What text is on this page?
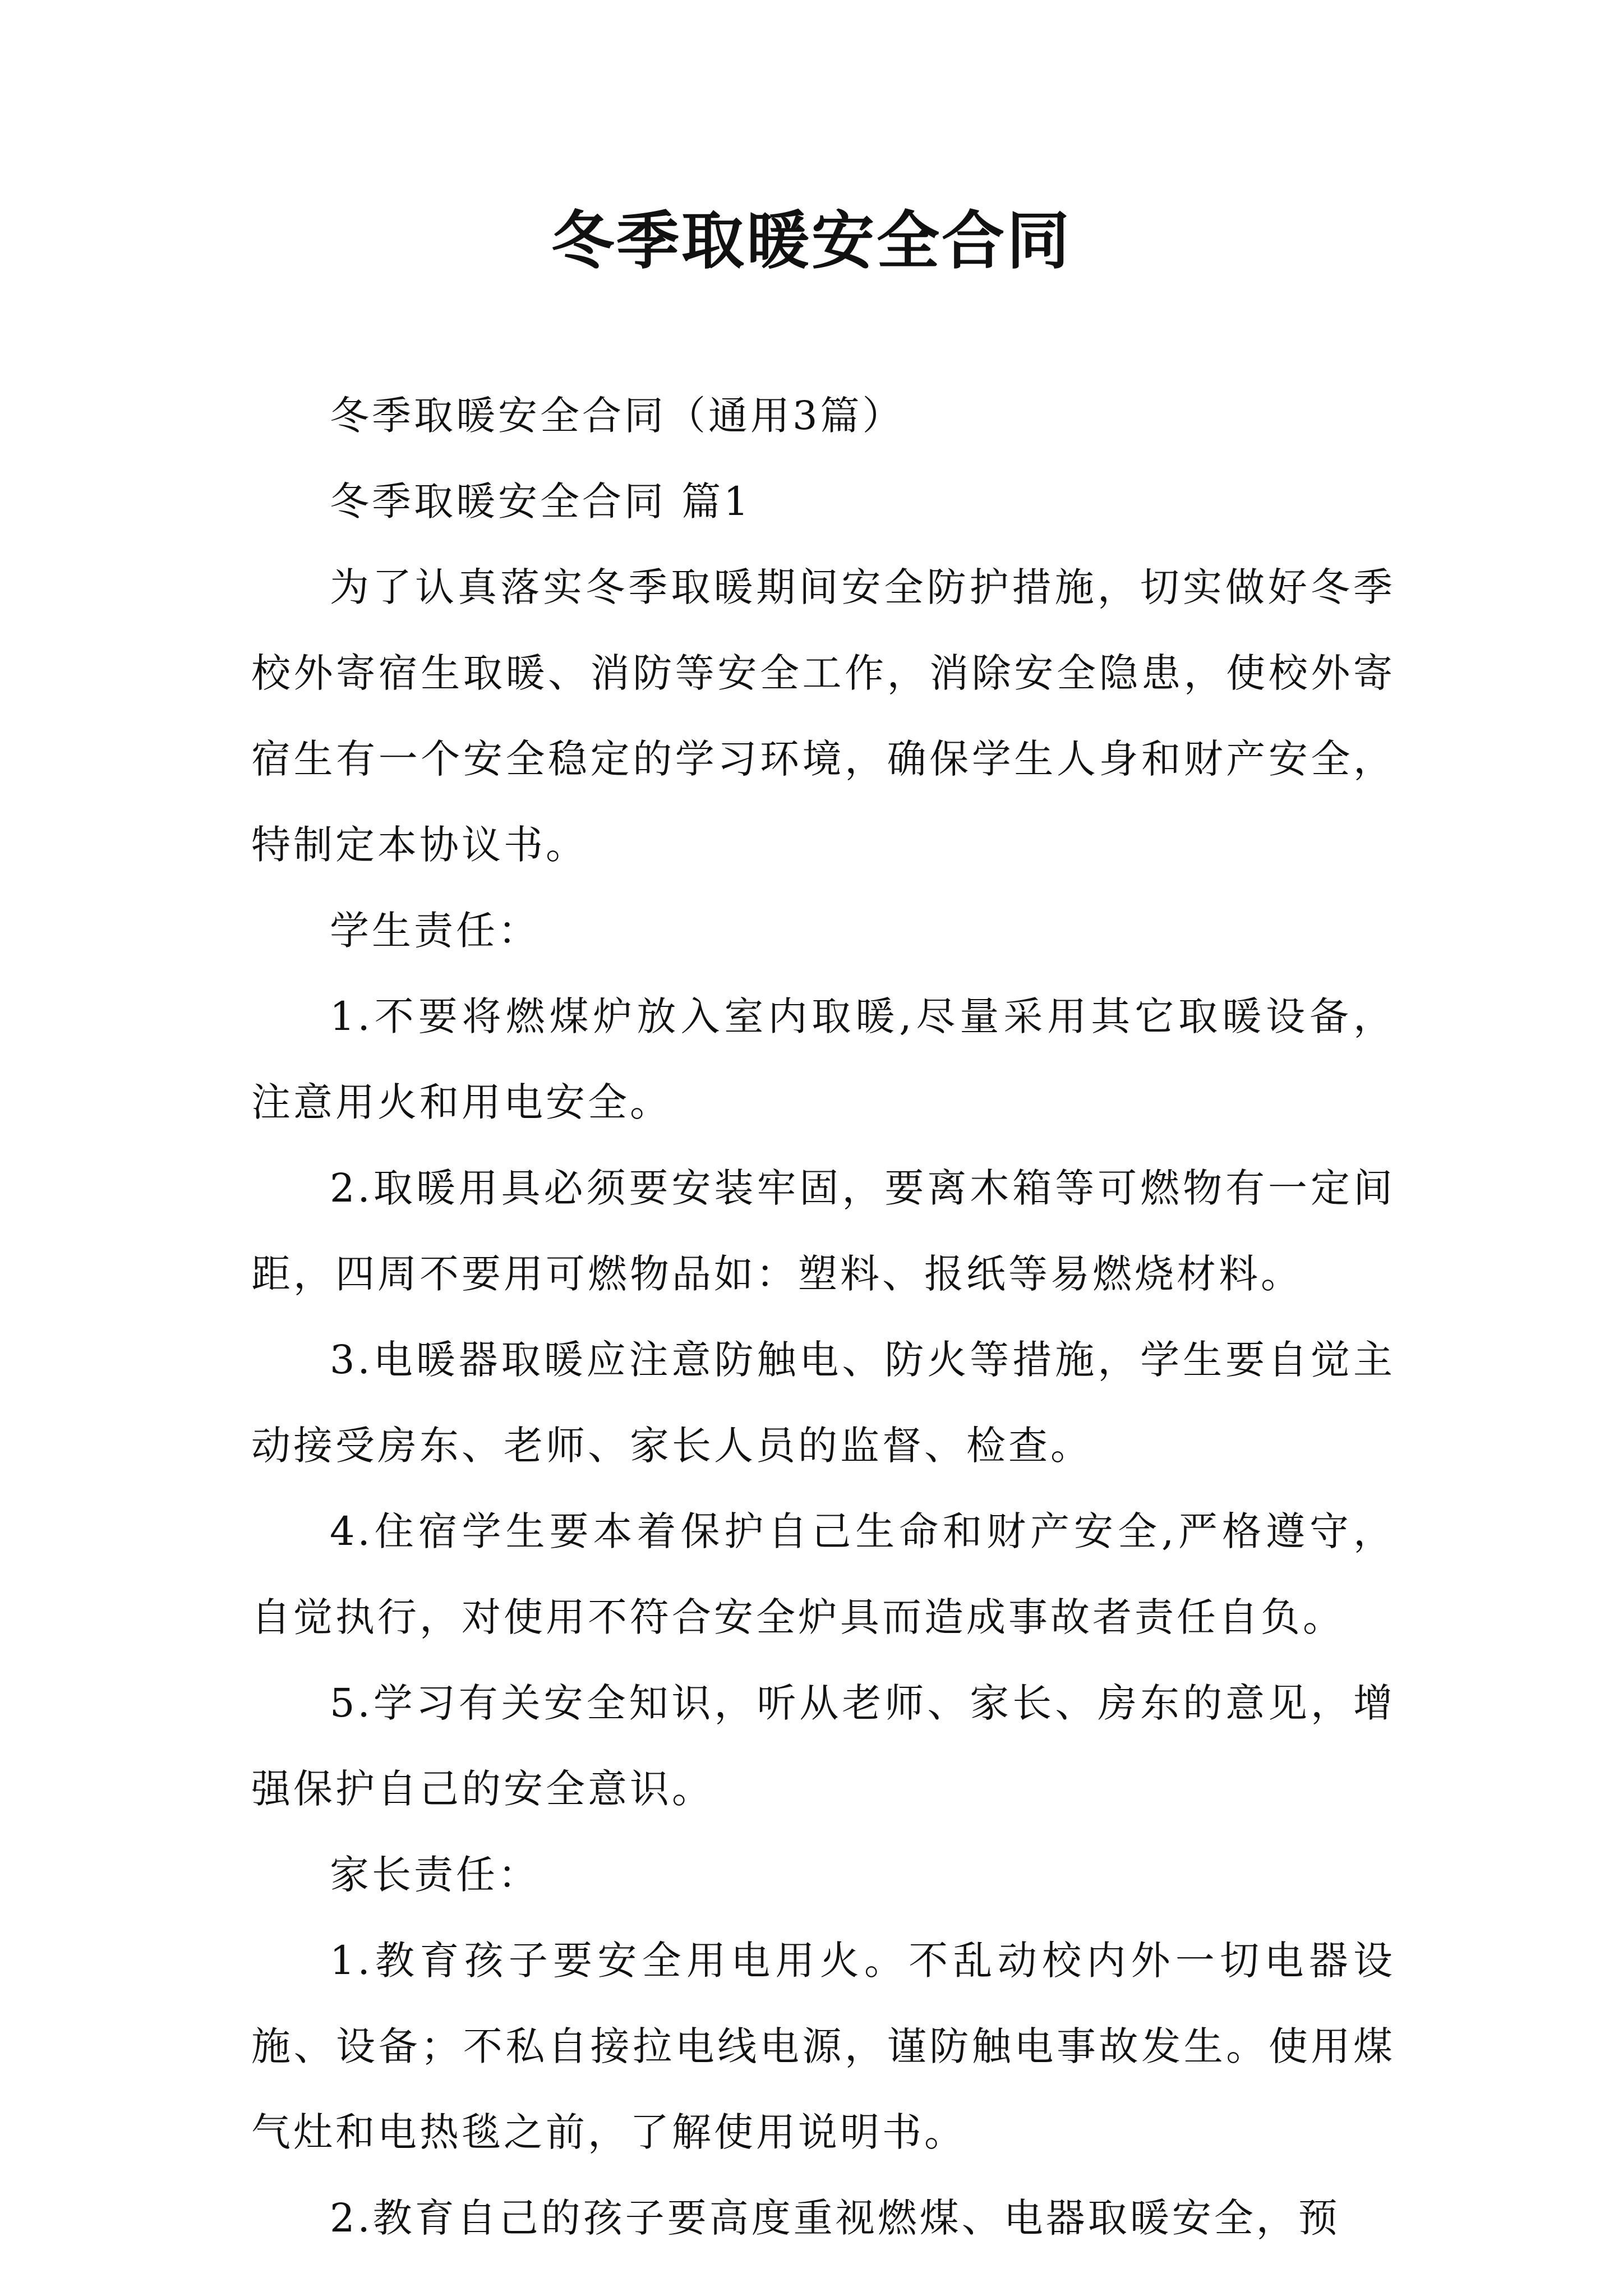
冬季取暖安全合同

冬季取暖安全合同（通用3篇）

冬季取暖安全合同 篇1

为了认真落实冬季取暖期间安全防护措施，切实做好冬季校外寄宿生取暖、消防等安全工作，消除安全隐患，使校外寄宿生有一个安全稳定的学习环境，确保学生人身和财产安全，特制定本协议书。

学生责任：

1.不要将燃煤炉放入室内取暖,尽量采用其它取暖设备，注意用火和用电安全。

2.取暖用具必须要安装牢固，要离木箱等可燃物有一定间距，四周不要用可燃物品如：塑料、报纸等易燃烧材料。

3.电暖器取暖应注意防触电、防火等措施，学生要自觉主动接受房东、老师、家长人员的监督、检查。

4.住宿学生要本着保护自己生命和财产安全,严格遵守，自觉执行，对使用不符合安全炉具而造成事故者责任自负。

5.学习有关安全知识，听从老师、家长、房东的意见，增强保护自己的安全意识。

家长责任：

1.教育孩子要安全用电用火。不乱动校内外一切电器设施、设备；不私自接拉电线电源，谨防触电事故发生。使用煤气灶和电热毯之前，了解使用说明书。

2.教育自己的孩子要高度重视燃煤、电器取暖安全，预
